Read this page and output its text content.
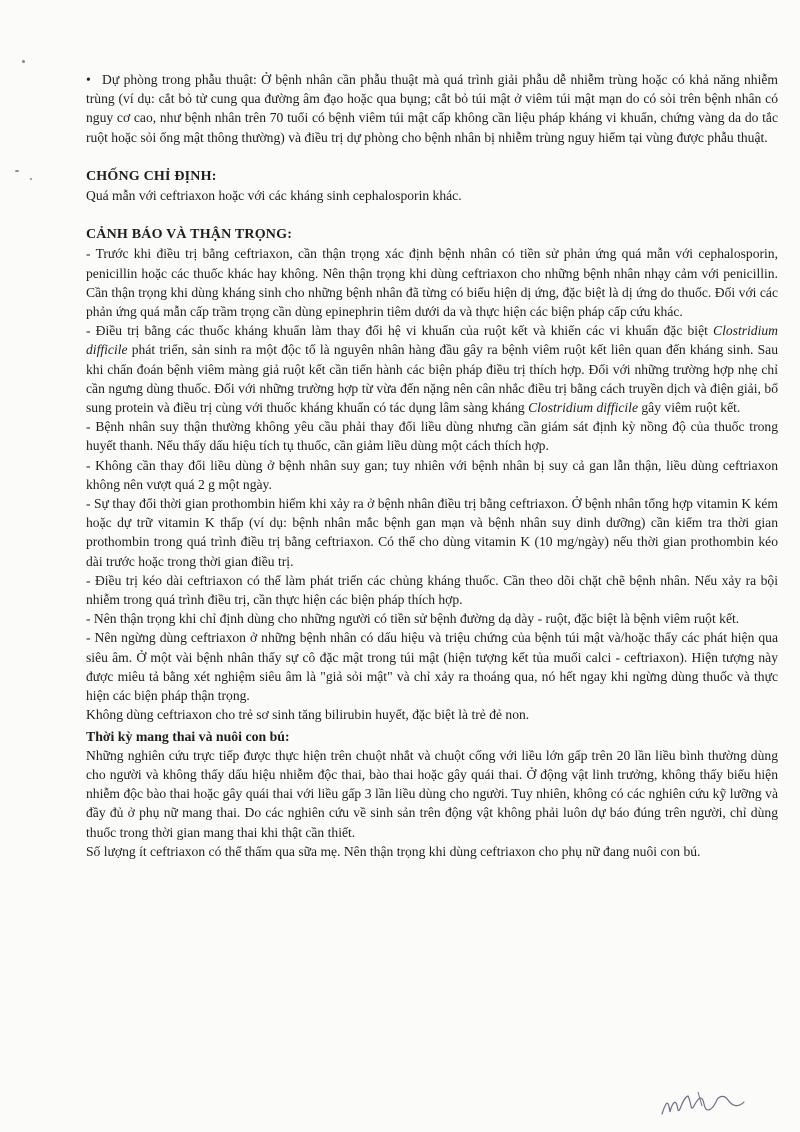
• Dự phòng trong phẫu thuật: Ở bệnh nhân cần phẫu thuật mà quá trình giải phẫu dễ nhiễm trùng hoặc có khả năng nhiễm trùng (ví dụ: cắt bỏ tử cung qua đường âm đạo hoặc qua bụng; cắt bỏ túi mật ở viêm túi mật mạn do có sỏi trên bệnh nhân có nguy cơ cao, như bệnh nhân trên 70 tuổi có bệnh viêm túi mật cấp không cần liệu pháp kháng vi khuẩn, chứng vàng da do tắc ruột hoặc sỏi ống mật thông thường) và điều trị dự phòng cho bệnh nhân bị nhiễm trùng nguy hiểm tại vùng được phẫu thuật.

CHỐNG CHỈ ĐỊNH:

Quá mẫn với ceftriaxon hoặc với các kháng sinh cephalosporin khác.

CẢNH BÁO VÀ THẬN TRỌNG:

- Trước khi điều trị bằng ceftriaxon, cần thận trọng xác định bệnh nhân có tiền sử phản ứng quá mẫn với cephalosporin, penicillin hoặc các thuốc khác hay không. Nên thận trọng khi dùng ceftriaxon cho những bệnh nhân nhạy cảm với penicillin. Cần thận trọng khi dùng kháng sinh cho những bệnh nhân đã từng có biểu hiện dị ứng, đặc biệt là dị ứng do thuốc. Đối với các phản ứng quá mẫn cấp trầm trọng cần dùng epinephrin tiêm dưới da và thực hiện các biện pháp cấp cứu khác.

- Điều trị bằng các thuốc kháng khuẩn làm thay đổi hệ vi khuẩn của ruột kết và khiến các vi khuẩn đặc biệt Clostridium difficile phát triển, sản sinh ra một độc tố là nguyên nhân hàng đầu gây ra bệnh viêm ruột kết liên quan đến kháng sinh. Sau khi chẩn đoán bệnh viêm màng giả ruột kết cần tiến hành các biện pháp điều trị thích hợp. Đối với những trường hợp nhẹ chỉ cần ngưng dùng thuốc. Đối với những trường hợp từ vừa đến nặng nên cân nhắc điều trị bằng cách truyền dịch và điện giải, bổ sung protein và điều trị cùng với thuốc kháng khuẩn có tác dụng lâm sàng kháng Clostridium difficile gây viêm ruột kết.

- Bệnh nhân suy thận thường không yêu cầu phải thay đổi liều dùng nhưng cần giám sát định kỳ nồng độ của thuốc trong huyết thanh. Nếu thấy dấu hiệu tích tụ thuốc, cần giảm liều dùng một cách thích hợp.

- Không cần thay đổi liều dùng ở bệnh nhân suy gan; tuy nhiên với bệnh nhân bị suy cả gan lẫn thận, liều dùng ceftriaxon không nên vượt quá 2 g một ngày.

- Sự thay đổi thời gian prothombin hiếm khi xảy ra ở bệnh nhân điều trị bằng ceftriaxon. Ở bệnh nhân tổng hợp vitamin K kém hoặc dự trữ vitamin K thấp (ví dụ: bệnh nhân mắc bệnh gan mạn và bệnh nhân suy dinh dưỡng) cần kiểm tra thời gian prothombin trong quá trình điều trị bằng ceftriaxon. Có thể cho dùng vitamin K (10 mg/ngày) nếu thời gian prothombin kéo dài trước hoặc trong thời gian điều trị.

- Điều trị kéo dài ceftriaxon có thể làm phát triển các chủng kháng thuốc. Cần theo dõi chặt chẽ bệnh nhân. Nếu xảy ra bội nhiễm trong quá trình điều trị, cần thực hiện các biện pháp thích hợp.

- Nên thận trọng khi chỉ định dùng cho những người có tiền sử bệnh đường dạ dày - ruột, đặc biệt là bệnh viêm ruột kết.

- Nên ngừng dùng ceftriaxon ở những bệnh nhân có dấu hiệu và triệu chứng của bệnh túi mật và/hoặc thấy các phát hiện qua siêu âm. Ở một vài bệnh nhân thấy sự cô đặc mật trong túi mật (hiện tượng kết tủa muối calci - ceftriaxon). Hiện tượng này được miêu tả bằng xét nghiệm siêu âm là "giả sỏi mật" và chỉ xảy ra thoáng qua, nó hết ngay khi ngừng dùng thuốc và thực hiện các biện pháp thận trọng.

Không dùng ceftriaxon cho trẻ sơ sinh tăng bilirubin huyết, đặc biệt là trẻ đẻ non.

Thời kỳ mang thai và nuôi con bú:

Những nghiên cứu trực tiếp được thực hiện trên chuột nhắt và chuột cống với liều lớn gấp trên 20 lần liều bình thường dùng cho người và không thấy dấu hiệu nhiễm độc thai, bào thai hoặc gây quái thai. Ở động vật linh trưởng, không thấy biểu hiện nhiễm độc bào thai hoặc gây quái thai với liều gấp 3 lần liều dùng cho người. Tuy nhiên, không có các nghiên cứu kỹ lưỡng và đầy đủ ở phụ nữ mang thai. Do các nghiên cứu về sinh sản trên động vật không phải luôn dự báo đúng trên người, chỉ dùng thuốc trong thời gian mang thai khi thật cần thiết.

Số lượng ít ceftriaxon có thể thấm qua sữa mẹ. Nên thận trọng khi dùng ceftriaxon cho phụ nữ đang nuôi con bú.
